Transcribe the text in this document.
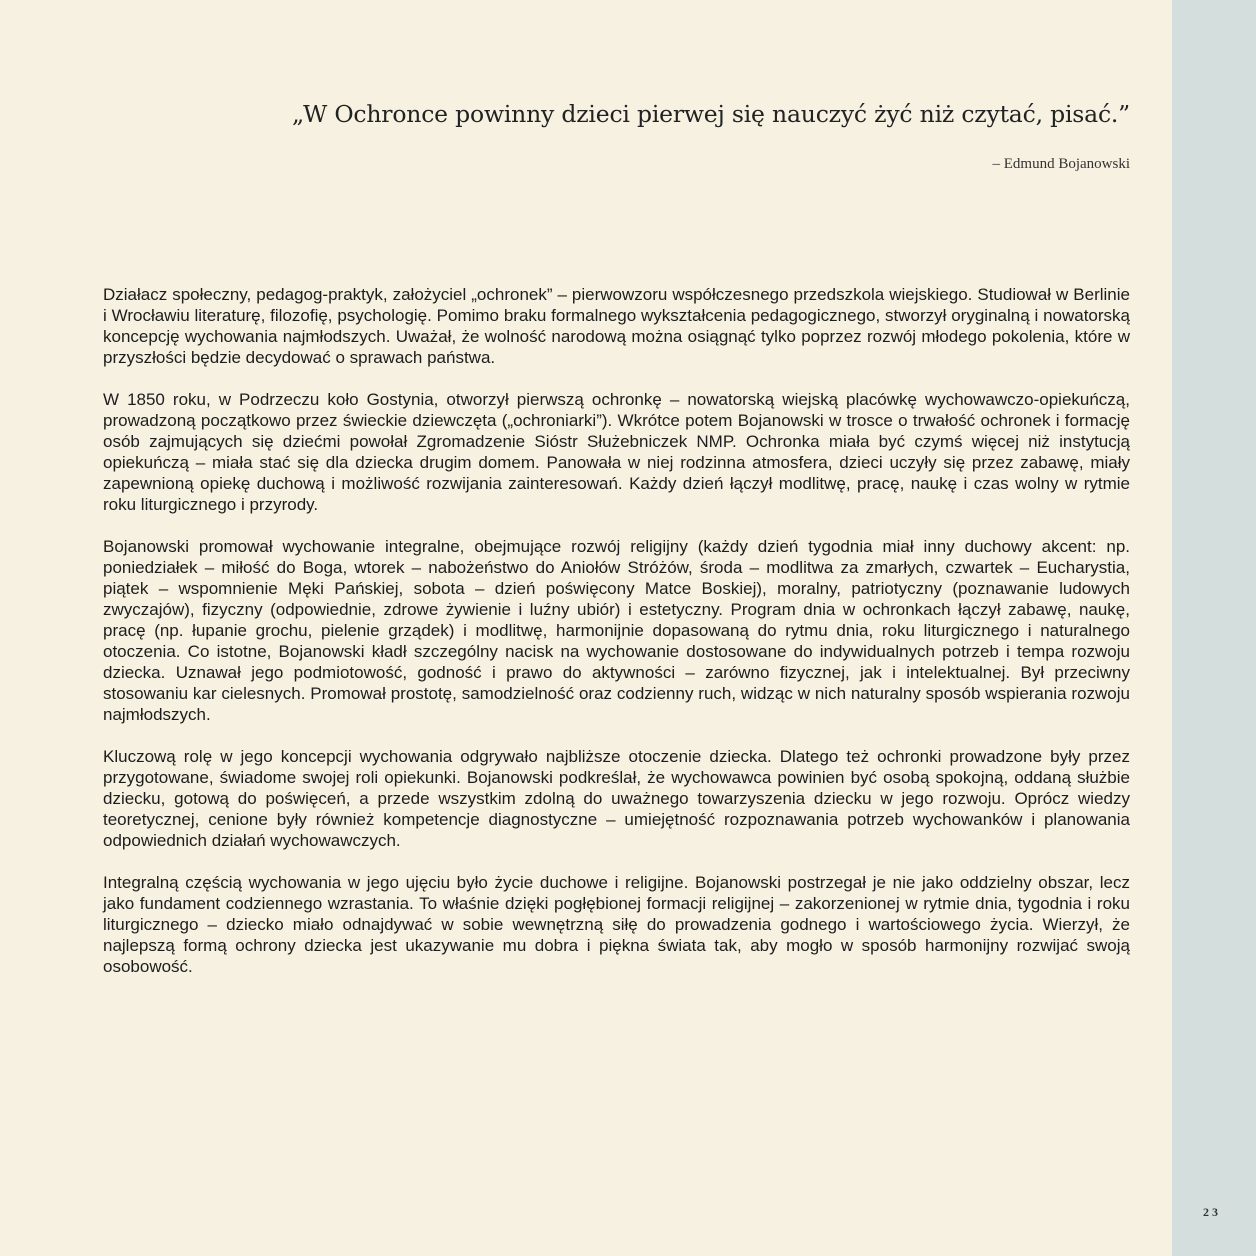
„W Ochronce powinny dzieci pierwej się nauczyć żyć niż czytać, pisać.”

– Edmund Bojanowski

Działacz społeczny, pedagog-praktyk, założyciel „ochronek” – pierwowzoru współczesnego przedszkola wiejskiego. Studiował w Berlinie i Wrocławiu literaturę, filozofię, psychologię. Pomimo braku formalnego wykształcenia pedagogicznego, stworzył oryginalną i nowatorską koncepcję wychowania najmłodszych. Uważał, że wolność narodową można osiągnąć tylko poprzez rozwój młodego pokolenia, które w przyszłości będzie decydować o sprawach państwa.

W 1850 roku, w Podrzeczu koło Gostynia, otworzył pierwszą ochronkę – nowatorską wiejską placówkę wychowawczo-opiekuńczą, prowadzoną początkowo przez świeckie dziewczęta („ochroniarki”). Wkrótce potem Bojanowski w trosce o trwałość ochronek i formację osób zajmujących się dziećmi powołał Zgromadzenie Sióstr Służebniczek NMP. Ochronka miała być czymś więcej niż instytucją opiekuńczą – miała stać się dla dziecka drugim domem. Panowała w niej rodzinna atmosfera, dzieci uczyły się przez zabawę, miały zapewnioną opiekę duchową i możliwość rozwijania zainteresowań. Każdy dzień łączył modlitwę, pracę, naukę i czas wolny w rytmie roku liturgicznego i przyrody.

Bojanowski promował wychowanie integralne, obejmujące rozwój religijny (każdy dzień tygodnia miał inny duchowy akcent: np. poniedziałek – miłość do Boga, wtorek – nabożeństwo do Aniołów Stróżów, środa – modlitwa za zmarłych, czwartek – Eucharystia, piątek – wspomnienie Męki Pańskiej, sobota – dzień poświęcony Matce Boskiej), moralny, patriotyczny (poznawanie ludowych zwyczajów), fizyczny (odpowiednie, zdrowe żywienie i luźny ubiór) i estetyczny. Program dnia w ochronkach łączył zabawę, naukę, pracę (np. łupanie grochu, pielenie grządek) i modlitwę, harmonijnie dopasowaną do rytmu dnia, roku liturgicznego i naturalnego otoczenia. Co istotne, Bojanowski kładł szczególny nacisk na wychowanie dostosowane do indywidualnych potrzeb i tempa rozwoju dziecka. Uznawał jego podmiotowość, godność i prawo do aktywności – zarówno fizycznej, jak i intelektualnej. Był przeciwny stosowaniu kar cielesnych. Promował prostotę, samodzielność oraz codzienny ruch, widząc w nich naturalny sposób wspierania rozwoju najmłodszych.

Kluczową rolę w jego koncepcji wychowania odgrywało najbliższe otoczenie dziecka. Dlatego też ochronki prowadzone były przez przygotowane, świadome swojej roli opiekunki. Bojanowski podkreślał, że wychowawca powinien być osobą spokojną, oddaną służbie dziecku, gotową do poświęceń, a przede wszystkim zdolną do uważnego towarzyszenia dziecku w jego rozwoju. Oprócz wiedzy teoretycznej, cenione były również kompetencje diagnostyczne – umiejętność rozpoznawania potrzeb wychowanków i planowania odpowiednich działań wychowawczych.

Integralną częścią wychowania w jego ujęciu było życie duchowe i religijne. Bojanowski postrzegał je nie jako oddzielny obszar, lecz jako fundament codziennego wzrastania. To właśnie dzięki pogłębionej formacji religijnej – zakorzenionej w rytmie dnia, tygodnia i roku liturgicznego – dziecko miało odnajdywać w sobie wewnętrzną siłę do prowadzenia godnego i wartościowego życia. Wierzył, że najlepszą formą ochrony dziecka jest ukazywanie mu dobra i piękna świata tak, aby mogło w sposób harmonijny rozwijać swoją osobowość.

23
